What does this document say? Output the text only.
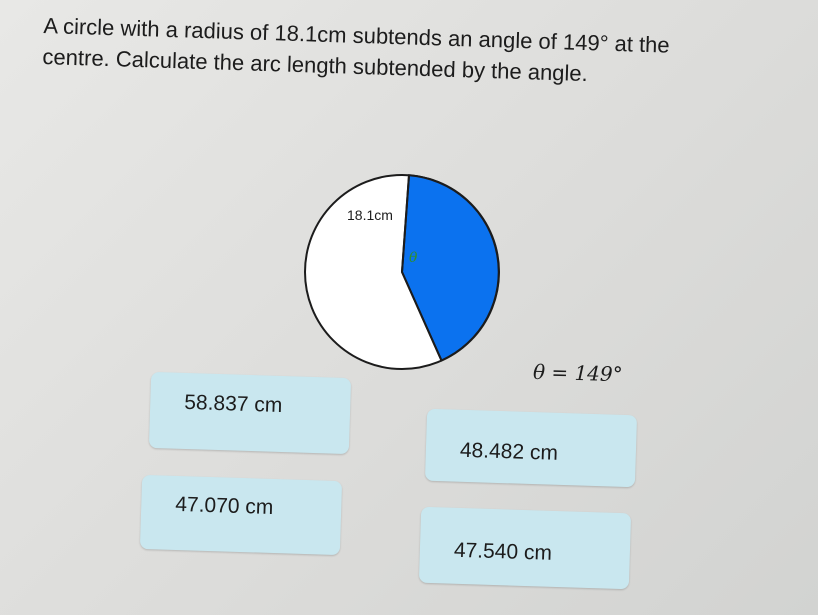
A circle with a radius of 18.1cm subtends an angle of 149° at the
centre. Calculate the arc length subtended by the angle.
18.1cm
θ
θ = 149°
58.837 cm
48.482 cm
47.070 cm
47.540 cm
